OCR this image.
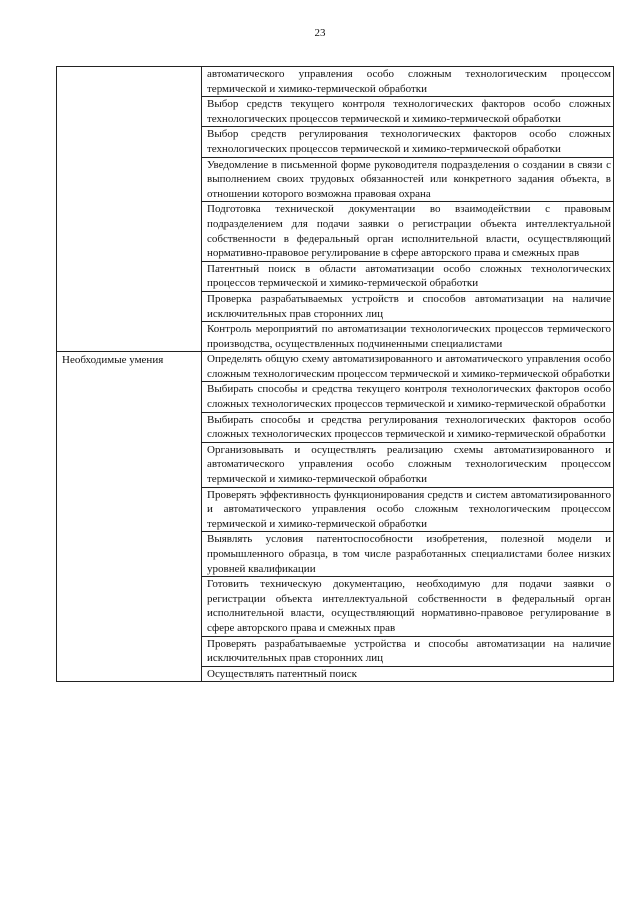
23
	автоматического управления особо сложным технологическим процессом термической и химико-термической обработки
	Выбор средств текущего контроля технологических факторов особо сложных технологических процессов термической и химико-термической обработки
	Выбор средств регулирования технологических факторов особо сложных технологических процессов термической и химико-термической обработки
	Уведомление в письменной форме руководителя подразделения о создании в связи с выполнением своих трудовых обязанностей или конкретного задания объекта, в отношении которого возможна правовая охрана
	Подготовка технической документации во взаимодействии с правовым подразделением для подачи заявки о регистрации объекта интеллектуальной собственности в федеральный орган исполнительной власти, осуществляющий нормативно-правовое регулирование в сфере авторского права и смежных прав
	Патентный поиск в области автоматизации особо сложных технологических процессов термической и химико-термической обработки
	Проверка разрабатываемых устройств и способов автоматизации на наличие исключительных прав сторонних лиц
	Контроль мероприятий по автоматизации технологических процессов термического производства, осуществленных подчиненными специалистами

Необходимые умения	Определять общую схему автоматизированного и автоматического управления особо сложным технологическим процессом термической и химико-термической обработки
	Выбирать способы и средства текущего контроля технологических факторов особо сложных технологических процессов термической и химико-термической обработки
	Выбирать способы и средства регулирования технологических факторов особо сложных технологических процессов термической и химико-термической обработки
	Организовывать и осуществлять реализацию схемы автоматизированного и автоматического управления особо сложным технологическим процессом термической и химико-термической обработки
	Проверять эффективность функционирования средств и систем автоматизированного и автоматического управления особо сложным технологическим процессом термической и химико-термической обработки
	Выявлять условия патентоспособности изобретения, полезной модели и промышленного образца, в том числе разработанных специалистами более низких уровней квалификации
	Готовить техническую документацию, необходимую для подачи заявки о регистрации объекта интеллектуальной собственности в федеральный орган исполнительной власти, осуществляющий нормативно-правовое регулирование в сфере авторского права и смежных прав
	Проверять разрабатываемые устройства и способы автоматизации на наличие исключительных прав сторонних лиц
	Осуществлять патентный поиск
